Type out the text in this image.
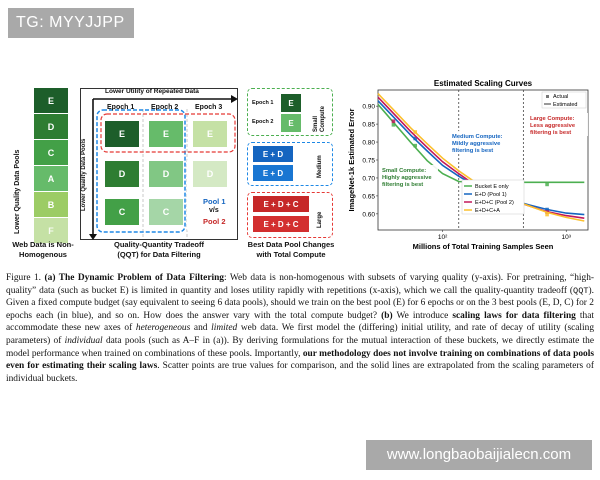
Lower Quality Data Pools
E
D
C
A
B
F
Web Data is Non-
Homogenous
Lower Utility of Repeated Data
Lower Quality Data Pools
Epoch 1 Epoch 2 Epoch 3
E	E	E
D	D	D
C	C
Pool 1
v/s
Pool 2
Quality-Quantity Tradeoff
(QQT) for Data Filtering
Epoch 1
Epoch 2
E
E	Small Compute
E + D
E + D	Medium
E + D + C
E + D + C	Large
Best Data Pool Changes
with Total Compute
Estimated Scaling Curves
0.60
0.65
0.70
0.75
0.80
0.85
0.90
10²	10³
Millions of Total Training Samples Seen
ImageNet-1k Estimated Error	Large Compute:
Less aggressive
filtering is best
Medium Compute:
Mildly aggressive
filtering is best
Small Compute:
Highly aggressive
filtering is best
Actual
Estimated
Bucket E only
E+D (Pool 1)
E+D+C (Pool 2)
E+D+C+A
Figure 1. (a) The Dynamic Problem of Data Filtering: Web data is non-homogenous with subsets of varying quality (y-axis). For pretraining, “high-quality” data (such as bucket E) is limited in quantity and loses utility rapidly with repetitions (x-axis), which we call the quality-quantity tradeoff (QQT). Given a fixed compute budget (say equivalent to seeing 6 data pools), should we train on the best pool (E) for 6 epochs or on the 3 best pools (E, D, C) for 2 epochs each (in blue), and so on. How does the answer vary with the total compute budget? (b) We introduce scaling laws for data filtering that accommodate these new axes of heterogeneous and limited web data. We first model the (differing) initial utility, and rate of decay of utility (scaling parameters) of individual data pools (such as A–F in (a)). By deriving formulations for the mutual interaction of these buckets, we directly estimate the model performance when trained on combinations of these pools. Importantly, our methodology does not involve training on combinations of data pools even for estimating their scaling laws. Scatter points are true values for comparison, and the solid lines are extrapolated from the scaling parameters of individual buckets.
TG: MYYJJPP
www.longbaobaijialecn.com
